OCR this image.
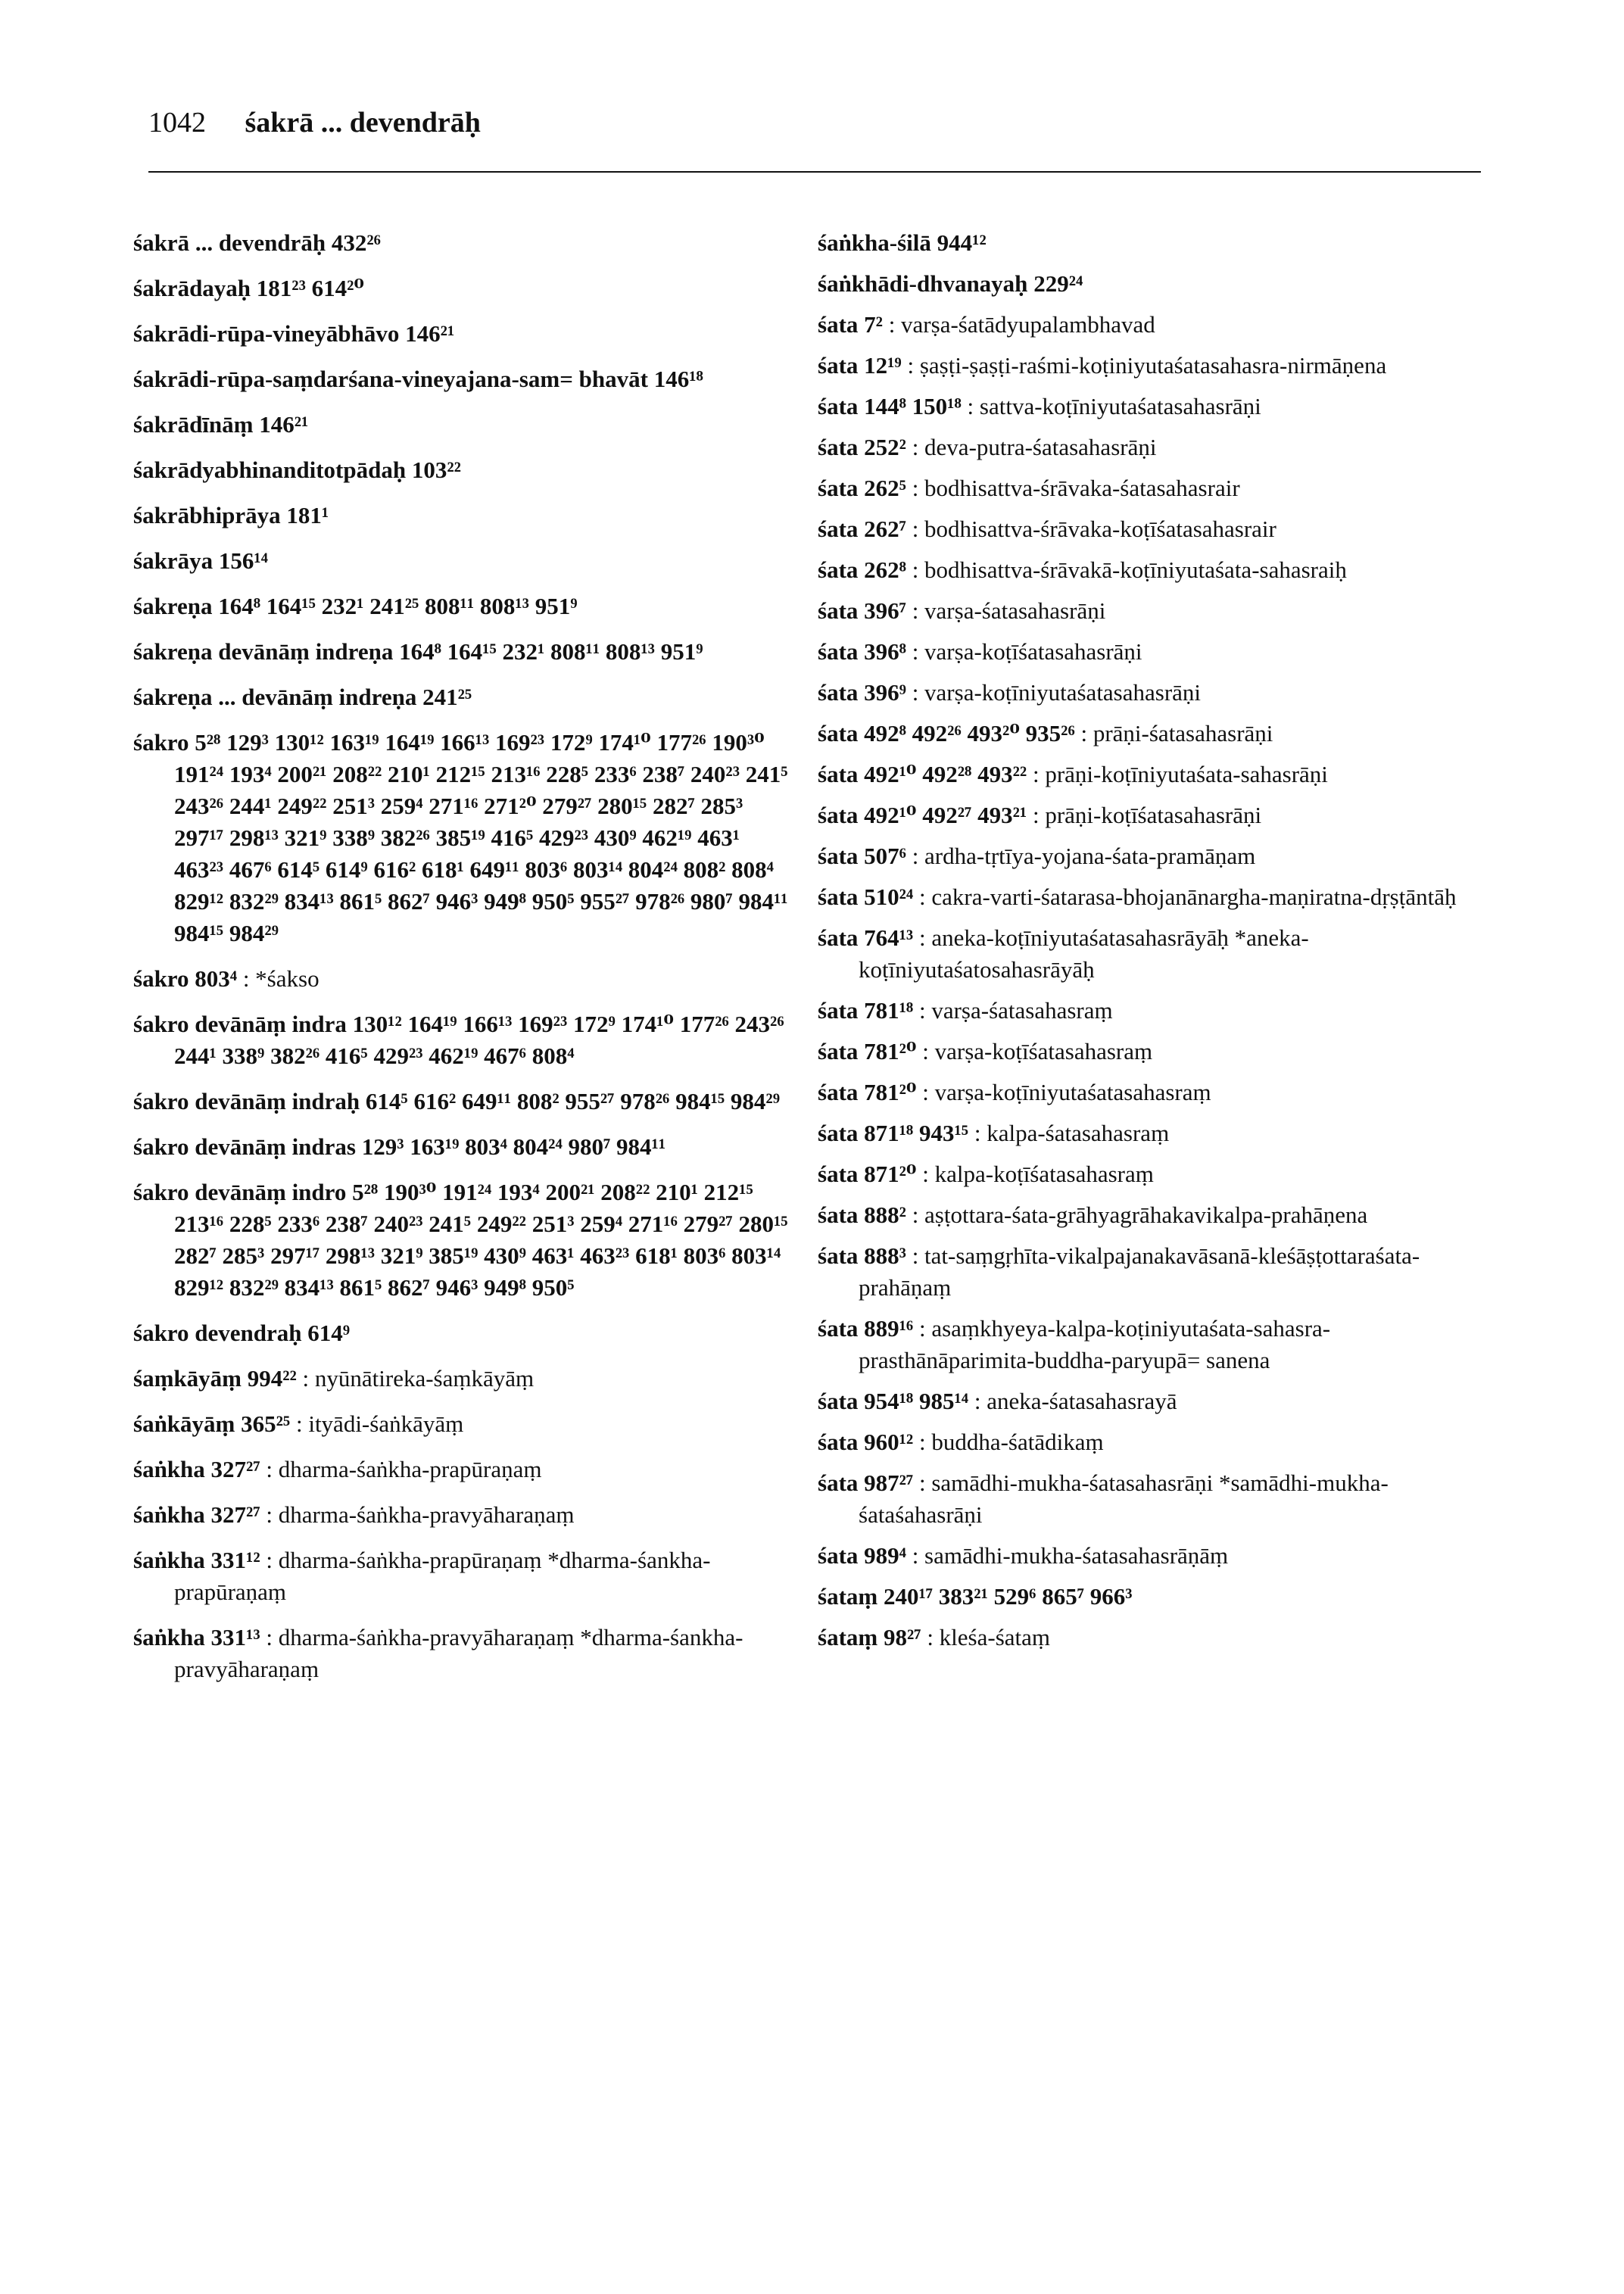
1042 śakrā ... devendrāḥ
śakrā ... devendrāḥ 432²⁶
śakrādayaḥ 181²³ 614²⁰
śakrādi-rūpa-vineyābhāvo 146²¹
śakrādi-rūpa-saṃdarśana-vineyajana-sam= bhavāt 146¹⁸
śakrādīnāṃ 146²¹
śakrādyabhinanditotpādaḥ 103²²
śakrābhiprāya 181¹
śakrāya 156¹⁴
śakreṇa 164⁸ 164¹⁵ 232¹ 241²⁵ 808¹¹ 808¹³ 951⁹
śakreṇa devānāṃ indreṇa 164⁸ 164¹⁵ 232¹ 808¹¹ 808¹³ 951⁹
śakreṇa ... devānāṃ indreṇa 241²⁵
śakro 5²⁸ 129³ 130¹² 163¹⁹ 164¹⁹ 166¹³ 169²³ 172⁹ 174¹⁰ 177²⁶ 190³⁰ 191²⁴ 193⁴ 200²¹ 208²² 210¹ 212¹⁵ 213¹⁶ 228⁵ 233⁶ 238⁷ 240²³ 241⁵ 243²⁶ 244¹ 249²² 251³ 259⁴ 271¹⁶ 271²⁰ 279²⁷ 280¹⁵ 282⁷ 285³ 297¹⁷ 298¹³ 321⁹ 338⁹ 382²⁶ 385¹⁹ 416⁵ 429²³ 430⁹ 462¹⁹ 463¹ 463²³ 467⁶ 614⁵ 614⁹ 616² 618¹ 649¹¹ 803⁶ 803¹⁴ 804²⁴ 808² 808⁴ 829¹² 832²⁹ 834¹³ 861⁵ 862⁷ 946³ 949⁸ 950⁵ 955²⁷ 978²⁶ 980⁷ 984¹¹ 984¹⁵ 984²⁹
śakro 803⁴ : *śakso
śakro devānāṃ indra 130¹² 164¹⁹ 166¹³ 169²³ 172⁹ 174¹⁰ 177²⁶ 243²⁶ 244¹ 338⁹ 382²⁶ 416⁵ 429²³ 462¹⁹ 467⁶ 808⁴
śakro devānāṃ indraḥ 614⁵ 616² 649¹¹ 808² 955²⁷ 978²⁶ 984¹⁵ 984²⁹
śakro devānāṃ indras 129³ 163¹⁹ 803⁴ 804²⁴ 980⁷ 984¹¹
śakro devānāṃ indro 5²⁸ 190³⁰ 191²⁴ 193⁴ 200²¹ 208²² 210¹ 212¹⁵ 213¹⁶ 228⁵ 233⁶ 238⁷ 240²³ 241⁵ 249²² 251³ 259⁴ 271¹⁶ 279²⁷ 280¹⁵ 282⁷ 285³ 297¹⁷ 298¹³ 321⁹ 385¹⁹ 430⁹ 463¹ 463²³ 618¹ 803⁶ 803¹⁴ 829¹² 832²⁹ 834¹³ 861⁵ 862⁷ 946³ 949⁸ 950⁵
śakro devendraḥ 614⁹
śaṃkāyāṃ 994²² : nyūnātireka-śaṃkāyāṃ
śaṅkāyāṃ 365²⁵ : ityādi-śaṅkāyāṃ
śaṅkha 327²⁷ : dharma-śaṅkha-prapūraṇaṃ
śaṅkha 327²⁷ : dharma-śaṅkha-pravyāharaṇaṃ
śaṅkha 331¹² : dharma-śaṅkha-prapūraṇaṃ *dharma-śankha-prapūraṇaṃ
śaṅkha 331¹³ : dharma-śaṅkha-pravyāharaṇaṃ *dharma-śankha-pravyāharaṇaṃ
śaṅkha-śilā 944¹²
śaṅkhādi-dhvanayaḥ 229²⁴
śata 7² : varṣa-śatādyupalambhavad
śata 12¹⁹ : ṣaṣṭi-ṣaṣṭi-raśmi-koṭiniyutaśatasahasra-nirmāṇena
śata 144⁸ 150¹⁸ : sattva-koṭīniyutaśatasahasrāṇi
śata 252² : deva-putra-śatasahasrāṇi
śata 262⁵ : bodhisattva-śrāvaka-śatasahasrair
śata 262⁷ : bodhisattva-śrāvaka-koṭīśatasahasrair
śata 262⁸ : bodhisattva-śrāvakā-koṭīniyutaśata-sahasraiḥ
śata 396⁷ : varṣa-śatasahasrāṇi
śata 396⁸ : varṣa-koṭīśatasahasrāṇi
śata 396⁹ : varṣa-koṭīniyutaśatasahasrāṇi
śata 492⁸ 492²⁶ 493²⁰ 935²⁶ : prāṇi-śatasahasrāṇi
śata 492¹⁰ 492²⁸ 493²² : prāṇi-koṭīniyutaśata-sahasrāṇi
śata 492¹⁰ 492²⁷ 493²¹ : prāṇi-koṭīśatasahasrāṇi
śata 507⁶ : ardha-tṛtīya-yojana-śata-pramāṇam
śata 510²⁴ : cakra-varti-śatarasa-bhojanānargha-maṇiratna-dṛṣṭāntāḥ
śata 764¹³ : aneka-koṭīniyutaśatasahasrāyāḥ *aneka-koṭīniyutaśatosahasrāyāḥ
śata 781¹⁸ : varṣa-śatasahasraṃ
śata 781²⁰ : varṣa-koṭīśatasahasraṃ
śata 781²⁰ : varṣa-koṭīniyutaśatasahasraṃ
śata 871¹⁸ 943¹⁵ : kalpa-śatasahasraṃ
śata 871²⁰ : kalpa-koṭīśatasahasraṃ
śata 888² : aṣṭottara-śata-grāhyagrāhakavikalpa-prahāṇena
śata 888³ : tat-saṃgṛhīta-vikalpajanakavāsanā-kleśāṣṭottaraśata-prahāṇaṃ
śata 889¹⁶ : asaṃkhyeya-kalpa-koṭiniyutaśata-sahasra-prasthānāparimita-buddha-paryupā= sanena
śata 954¹⁸ 985¹⁴ : aneka-śatasahasrayā
śata 960¹² : buddha-śatādikaṃ
śata 987²⁷ : samādhi-mukha-śatasahasrāṇi *samādhi-mukha-śataśahasrāṇi
śata 989⁴ : samādhi-mukha-śatasahasrāṇāṃ
śataṃ 240¹⁷ 383²¹ 529⁶ 865⁷ 966³
śataṃ 98²⁷ : kleśa-śataṃ
